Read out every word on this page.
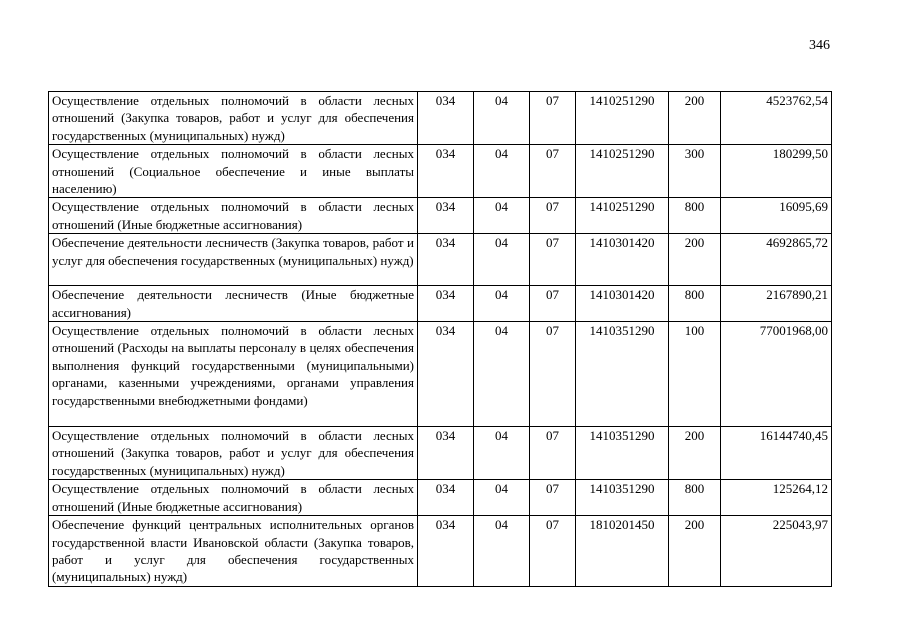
346
Осуществление отдельных полномочий в области лесных отношений (Закупка товаров, работ и услуг для обеспечения государственных (муниципальных) нужд)	034	04	07	1410251290	200	4523762,54
Осуществление отдельных полномочий в области лесных отношений (Социальное обеспечение и иные выплаты населению)	034	04	07	1410251290	300	180299,50
Осуществление отдельных полномочий в области лесных отношений (Иные бюджетные ассигнования)	034	04	07	1410251290	800	16095,69
Обеспечение деятельности лесничеств (Закупка товаров, работ и услуг для обеспечения государственных (муниципальных) нужд)	034	04	07	1410301420	200	4692865,72
Обеспечение деятельности лесничеств (Иные бюджетные ассигнования)	034	04	07	1410301420	800	2167890,21
Осуществление отдельных полномочий в области лесных отношений (Расходы на выплаты персоналу в целях обеспечения выполнения функций государственными (муниципальными) органами, казенными учреждениями, органами управления государственными внебюджетными фондами)	034	04	07	1410351290	100	77001968,00
Осуществление отдельных полномочий в области лесных отношений (Закупка товаров, работ и услуг для обеспечения государственных (муниципальных) нужд)	034	04	07	1410351290	200	16144740,45
Осуществление отдельных полномочий в области лесных отношений (Иные бюджетные ассигнования)	034	04	07	1410351290	800	125264,12
Обеспечение функций центральных исполнительных органов государственной власти Ивановской области (Закупка товаров, работ и услуг для обеспечения государственных (муниципальных) нужд)	034	04	07	1810201450	200	225043,97
